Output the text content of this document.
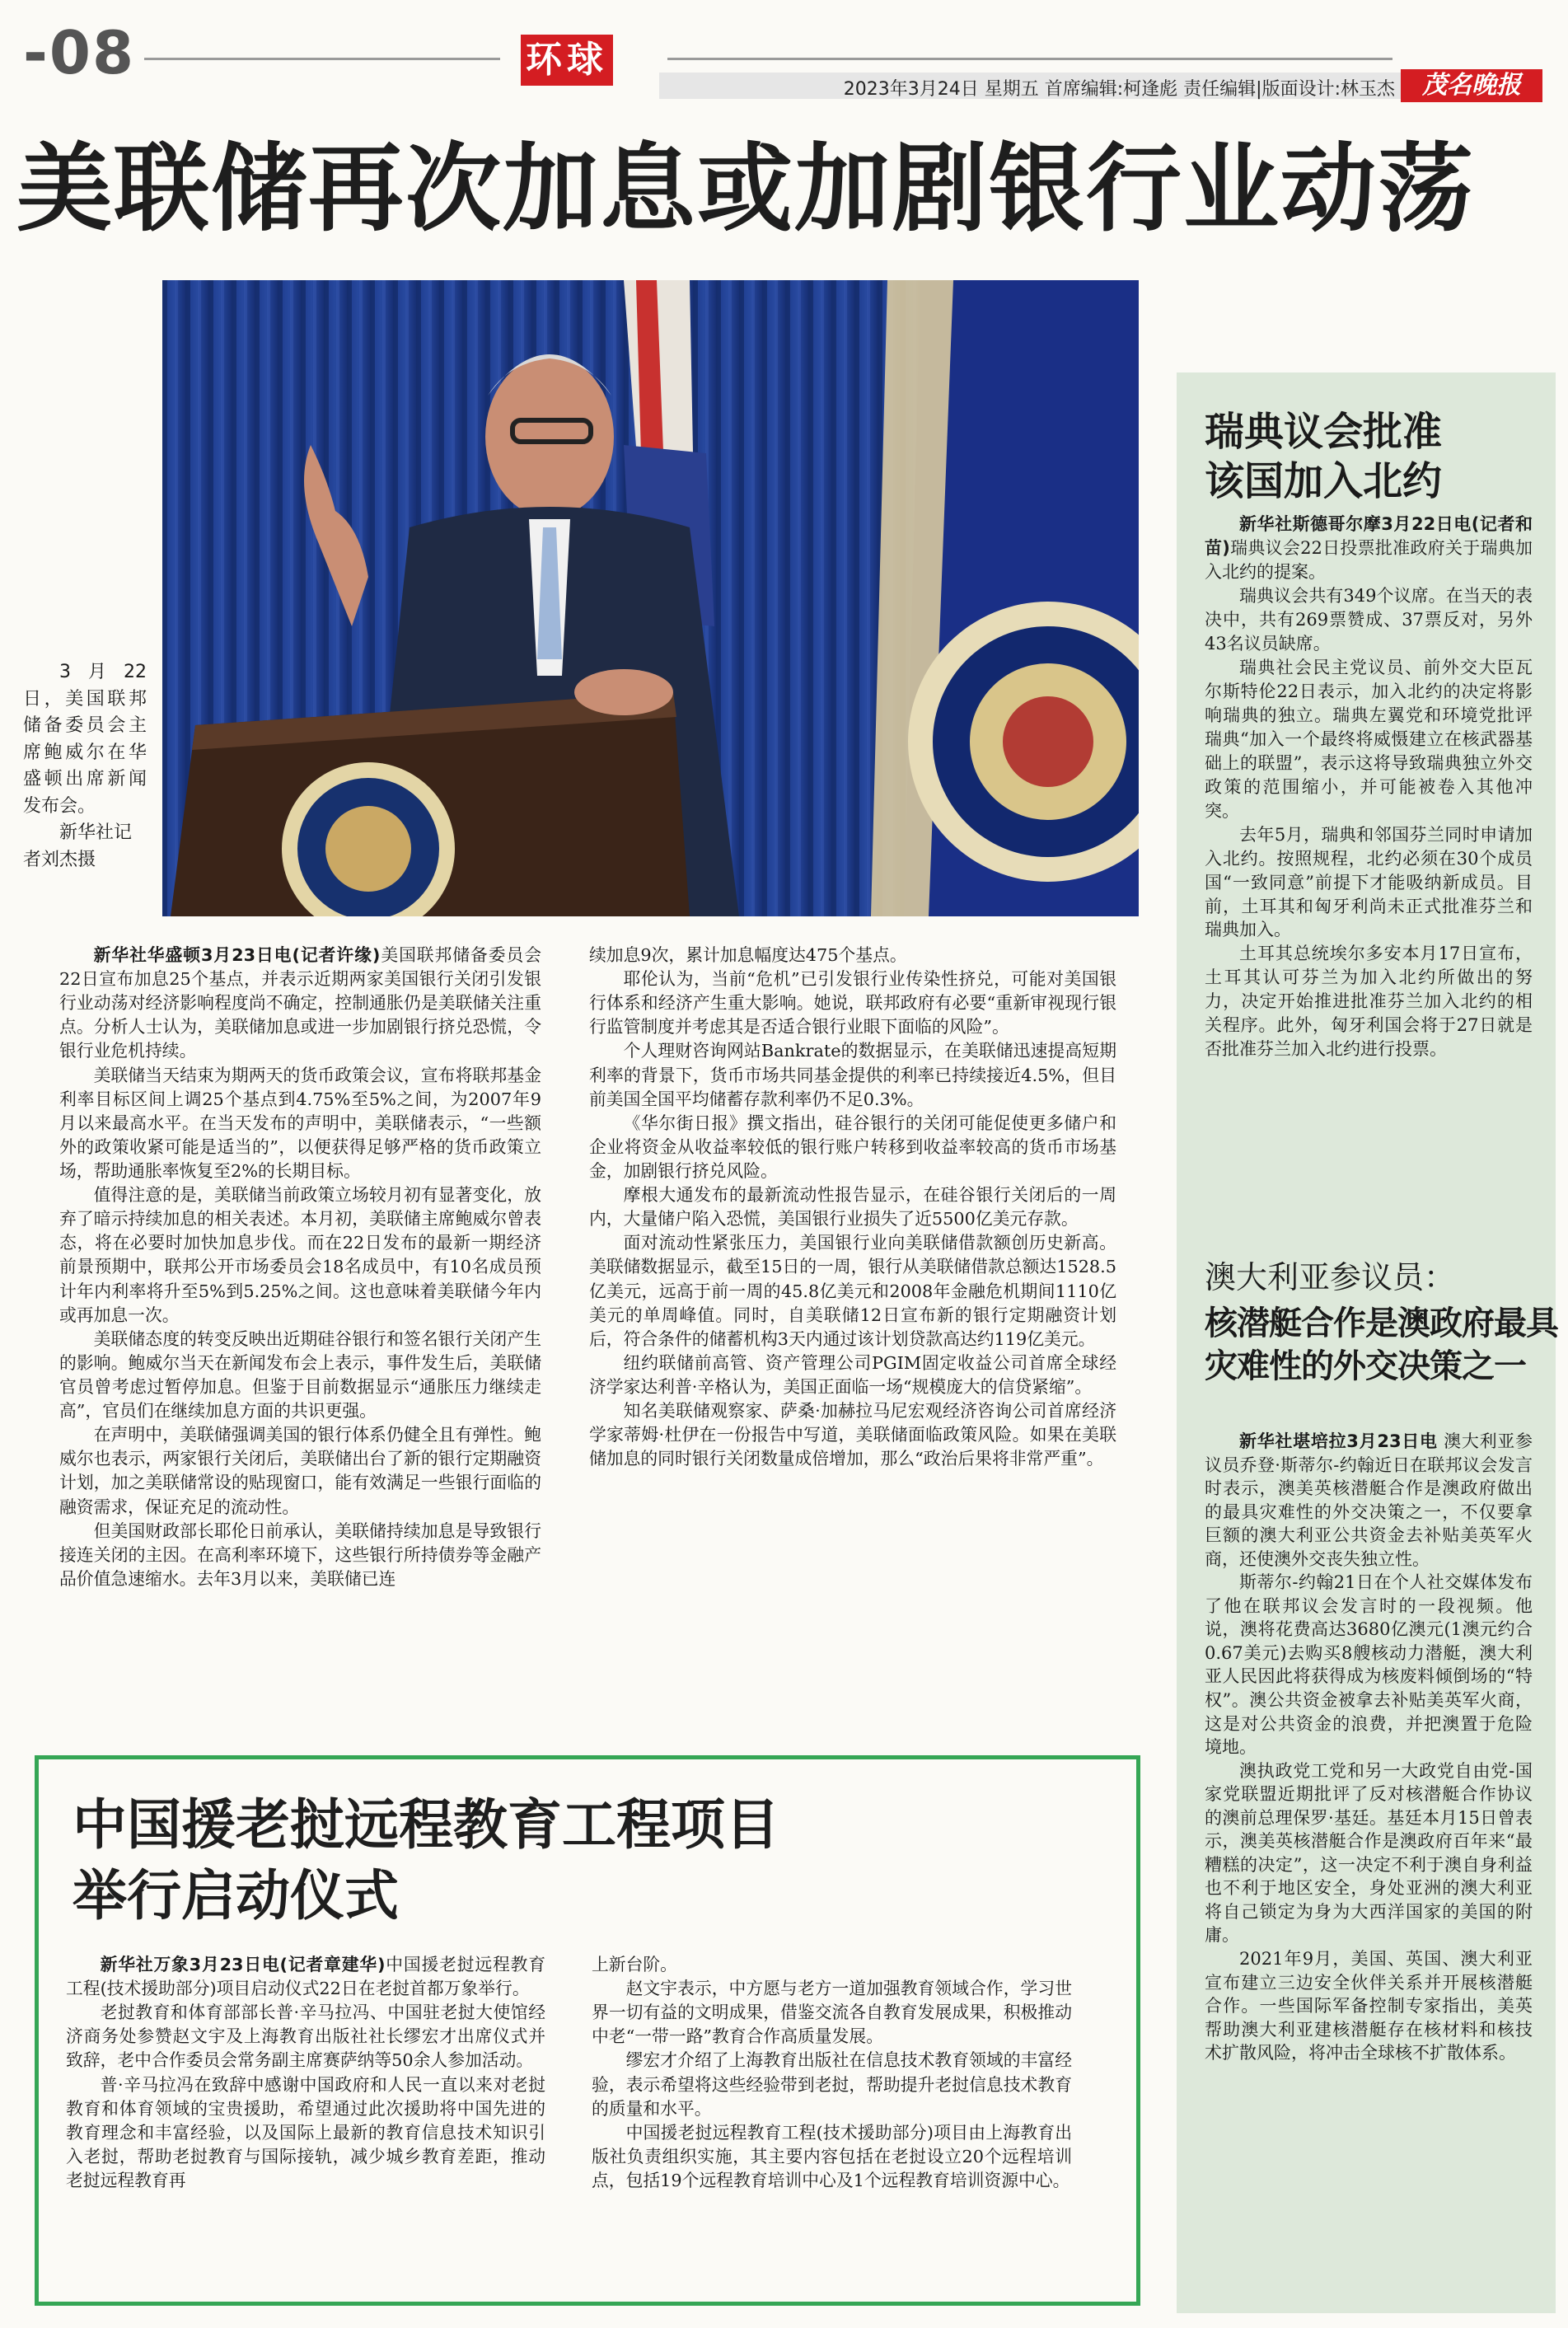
-08	环球
2023年3月24日 星期五 首席编辑:柯逢彪 责任编辑|版面设计:林玉杰	茂名晚报
美联储再次加息或加剧银行业动荡
3月22日，美国联邦储备委员会主席鲍威尔在华盛顿出席新闻发布会。
新华社记者刘杰摄

新华社华盛顿3月23日电(记者许缘)美国联邦储备委员会22日宣布加息25个基点，并表示近期两家美国银行关闭引发银行业动荡对经济影响程度尚不确定，控制通胀仍是美联储关注重点。分析人士认为，美联储加息或进一步加剧银行挤兑恐慌，令银行业危机持续。

美联储当天结束为期两天的货币政策会议，宣布将联邦基金利率目标区间上调25个基点到4.75%至5%之间，为2007年9月以来最高水平。在当天发布的声明中，美联储表示，“一些额外的政策收紧可能是适当的”，以便获得足够严格的货币政策立场，帮助通胀率恢复至2%的长期目标。

值得注意的是，美联储当前政策立场较月初有显著变化，放弃了暗示持续加息的相关表述。本月初，美联储主席鲍威尔曾表态，将在必要时加快加息步伐。而在22日发布的最新一期经济前景预期中，联邦公开市场委员会18名成员中，有10名成员预计年内利率将升至5%到5.25%之间。这也意味着美联储今年内或再加息一次。

美联储态度的转变反映出近期硅谷银行和签名银行关闭产生的影响。鲍威尔当天在新闻发布会上表示，事件发生后，美联储官员曾考虑过暂停加息。但鉴于目前数据显示“通胀压力继续走高”，官员们在继续加息方面的共识更强。

在声明中，美联储强调美国的银行体系仍健全且有弹性。鲍威尔也表示，两家银行关闭后，美联储出台了新的银行定期融资计划，加之美联储常设的贴现窗口，能有效满足一些银行面临的融资需求，保证充足的流动性。

但美国财政部长耶伦日前承认，美联储持续加息是导致银行接连关闭的主因。在高利率环境下，这些银行所持债券等金融产品价值急速缩水。去年3月以来，美联储已连

续加息9次，累计加息幅度达475个基点。

耶伦认为，当前“危机”已引发银行业传染性挤兑，可能对美国银行体系和经济产生重大影响。她说，联邦政府有必要“重新审视现行银行监管制度并考虑其是否适合银行业眼下面临的风险”。

个人理财咨询网站Bankrate的数据显示，在美联储迅速提高短期利率的背景下，货币市场共同基金提供的利率已持续接近4.5%，但目前美国全国平均储蓄存款利率仍不足0.3%。

《华尔街日报》撰文指出，硅谷银行的关闭可能促使更多储户和企业将资金从收益率较低的银行账户转移到收益率较高的货币市场基金，加剧银行挤兑风险。

摩根大通发布的最新流动性报告显示，在硅谷银行关闭后的一周内，大量储户陷入恐慌，美国银行业损失了近5500亿美元存款。

面对流动性紧张压力，美国银行业向美联储借款额创历史新高。美联储数据显示，截至15日的一周，银行从美联储借款总额达1528.5亿美元，远高于前一周的45.8亿美元和2008年金融危机期间1110亿美元的单周峰值。同时，自美联储12日宣布新的银行定期融资计划后，符合条件的储蓄机构3天内通过该计划贷款高达约119亿美元。

纽约联储前高管、资产管理公司PGIM固定收益公司首席全球经济学家达利普·辛格认为，美国正面临一场“规模庞大的信贷紧缩”。

知名美联储观察家、萨桑·加赫拉马尼宏观经济咨询公司首席经济学家蒂姆·杜伊在一份报告中写道，美联储面临政策风险。如果在美联储加息的同时银行关闭数量成倍增加，那么“政治后果将非常严重”。

瑞典议会批准
该国加入北约

新华社斯德哥尔摩3月22日电(记者和苗)瑞典议会22日投票批准政府关于瑞典加入北约的提案。

瑞典议会共有349个议席。在当天的表决中，共有269票赞成、37票反对，另外43名议员缺席。

瑞典社会民主党议员、前外交大臣瓦尔斯特伦22日表示，加入北约的决定将影响瑞典的独立。瑞典左翼党和环境党批评瑞典“加入一个最终将威慑建立在核武器基础上的联盟”，表示这将导致瑞典独立外交政策的范围缩小，并可能被卷入其他冲突。

去年5月，瑞典和邻国芬兰同时申请加入北约。按照规程，北约必须在30个成员国“一致同意”前提下才能吸纳新成员。目前，土耳其和匈牙利尚未正式批准芬兰和瑞典加入。

土耳其总统埃尔多安本月17日宣布，土耳其认可芬兰为加入北约所做出的努力，决定开始推进批准芬兰加入北约的相关程序。此外，匈牙利国会将于27日就是否批准芬兰加入北约进行投票。

澳大利亚参议员：
核潜艇合作是澳政府最具
灾难性的外交决策之一

新华社堪培拉3月23日电 澳大利亚参议员乔登·斯蒂尔-约翰近日在联邦议会发言时表示，澳美英核潜艇合作是澳政府做出的最具灾难性的外交决策之一，不仅要拿巨额的澳大利亚公共资金去补贴美英军火商，还使澳外交丧失独立性。

斯蒂尔-约翰21日在个人社交媒体发布了他在联邦议会发言时的一段视频。他说，澳将花费高达3680亿澳元(1澳元约合0.67美元)去购买8艘核动力潜艇，澳大利亚人民因此将获得成为核废料倾倒场的“特权”。澳公共资金被拿去补贴美英军火商，这是对公共资金的浪费，并把澳置于危险境地。

澳执政党工党和另一大政党自由党-国家党联盟近期批评了反对核潜艇合作协议的澳前总理保罗·基廷。基廷本月15日曾表示，澳美英核潜艇合作是澳政府百年来“最糟糕的决定”，这一决定不利于澳自身利益也不利于地区安全，身处亚洲的澳大利亚将自己锁定为身为大西洋国家的美国的附庸。

2021年9月，美国、英国、澳大利亚宣布建立三边安全伙伴关系并开展核潜艇合作。一些国际军备控制专家指出，美英帮助澳大利亚建核潜艇存在核材料和核技术扩散风险，将冲击全球核不扩散体系。

中国援老挝远程教育工程项目
举行启动仪式

新华社万象3月23日电(记者章建华)中国援老挝远程教育工程(技术援助部分)项目启动仪式22日在老挝首都万象举行。

老挝教育和体育部部长普·辛马拉冯、中国驻老挝大使馆经济商务处参赞赵文宇及上海教育出版社社长缪宏才出席仪式并致辞，老中合作委员会常务副主席赛萨纳等50余人参加活动。

普·辛马拉冯在致辞中感谢中国政府和人民一直以来对老挝教育和体育领域的宝贵援助，希望通过此次援助将中国先进的教育理念和丰富经验，以及国际上最新的教育信息技术知识引入老挝，帮助老挝教育与国际接轨，减少城乡教育差距，推动老挝远程教育再

上新台阶。

赵文宇表示，中方愿与老方一道加强教育领域合作，学习世界一切有益的文明成果，借鉴交流各自教育发展成果，积极推动中老“一带一路”教育合作高质量发展。

缪宏才介绍了上海教育出版社在信息技术教育领域的丰富经验，表示希望将这些经验带到老挝，帮助提升老挝信息技术教育的质量和水平。

中国援老挝远程教育工程(技术援助部分)项目由上海教育出版社负责组织实施，其主要内容包括在老挝设立20个远程培训点，包括19个远程教育培训中心及1个远程教育培训资源中心。
